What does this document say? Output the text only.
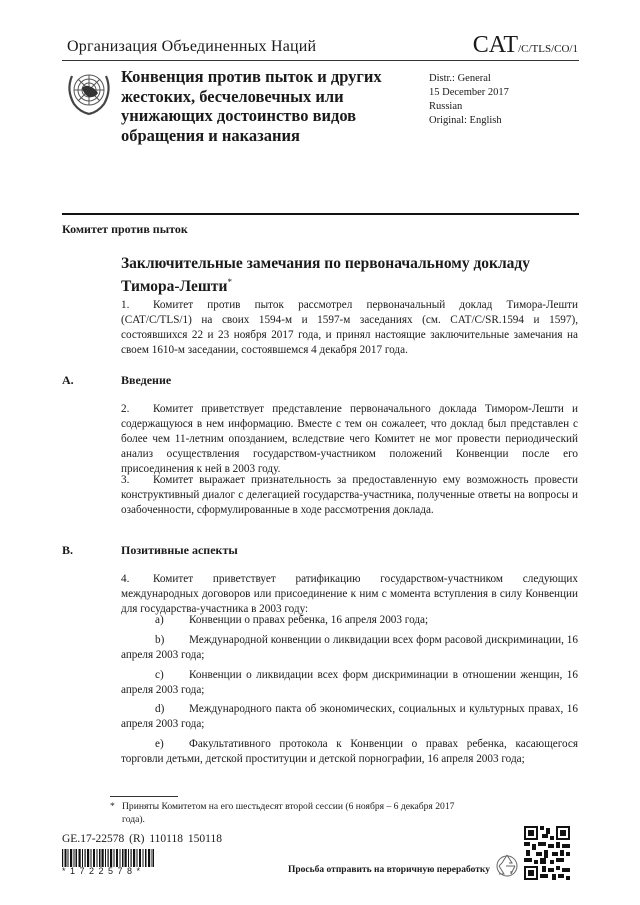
Организация Объединенных Наций	CAT/C/TLS/CO/1
Конвенция против пыток и других жестоких, бесчеловечных или унижающих достоинство видов обращения и наказания
Distr.: General
15 December 2017
Russian
Original: English
Комитет против пыток
Заключительные замечания по первоначальному докладу Тимора-Лешти*
1. Комитет против пыток рассмотрел первоначальный доклад Тимора-Лешти (CAT/C/TLS/1) на своих 1594-м и 1597-м заседаниях (см. CAT/C/SR.1594 и 1597), состоявшихся 22 и 23 ноября 2017 года, и принял настоящие заключительные замечания на своем 1610-м заседании, состоявшемся 4 декабря 2017 года.
A.	Введение
2. Комитет приветствует представление первоначального доклада Тимором-Лешти и содержащуюся в нем информацию. Вместе с тем он сожалеет, что доклад был представлен с более чем 11-летним опозданием, вследствие чего Комитет не мог провести периодический анализ осуществления государством-участником положений Конвенции после его присоединения к ней в 2003 году.
3. Комитет выражает признательность за предоставленную ему возможность провести конструктивный диалог с делегацией государства-участника, полученные ответы на вопросы и озабоченности, сформулированные в ходе рассмотрения доклада.
B.	Позитивные аспекты
4. Комитет приветствует ратификацию государством-участником следующих международных договоров или присоединение к ним с момента вступления в силу Конвенции для государства-участника в 2003 году:
a) Конвенции о правах ребенка, 16 апреля 2003 года;
b) Международной конвенции о ликвидации всех форм расовой дискриминации, 16 апреля 2003 года;
c) Конвенции о ликвидации всех форм дискриминации в отношении женщин, 16 апреля 2003 года;
d) Международного пакта об экономических, социальных и культурных правах, 16 апреля 2003 года;
e) Факультативного протокола к Конвенции о правах ребенка, касающегося торговли детьми, детской проституции и детской порнографии, 16 апреля 2003 года;
* Приняты Комитетом на его шестьдесят второй сессии (6 ноября – 6 декабря 2017 года).
GE.17-22578 (R) 110118 150118
*1722578*	Просьба отправить на вторичную переработку
